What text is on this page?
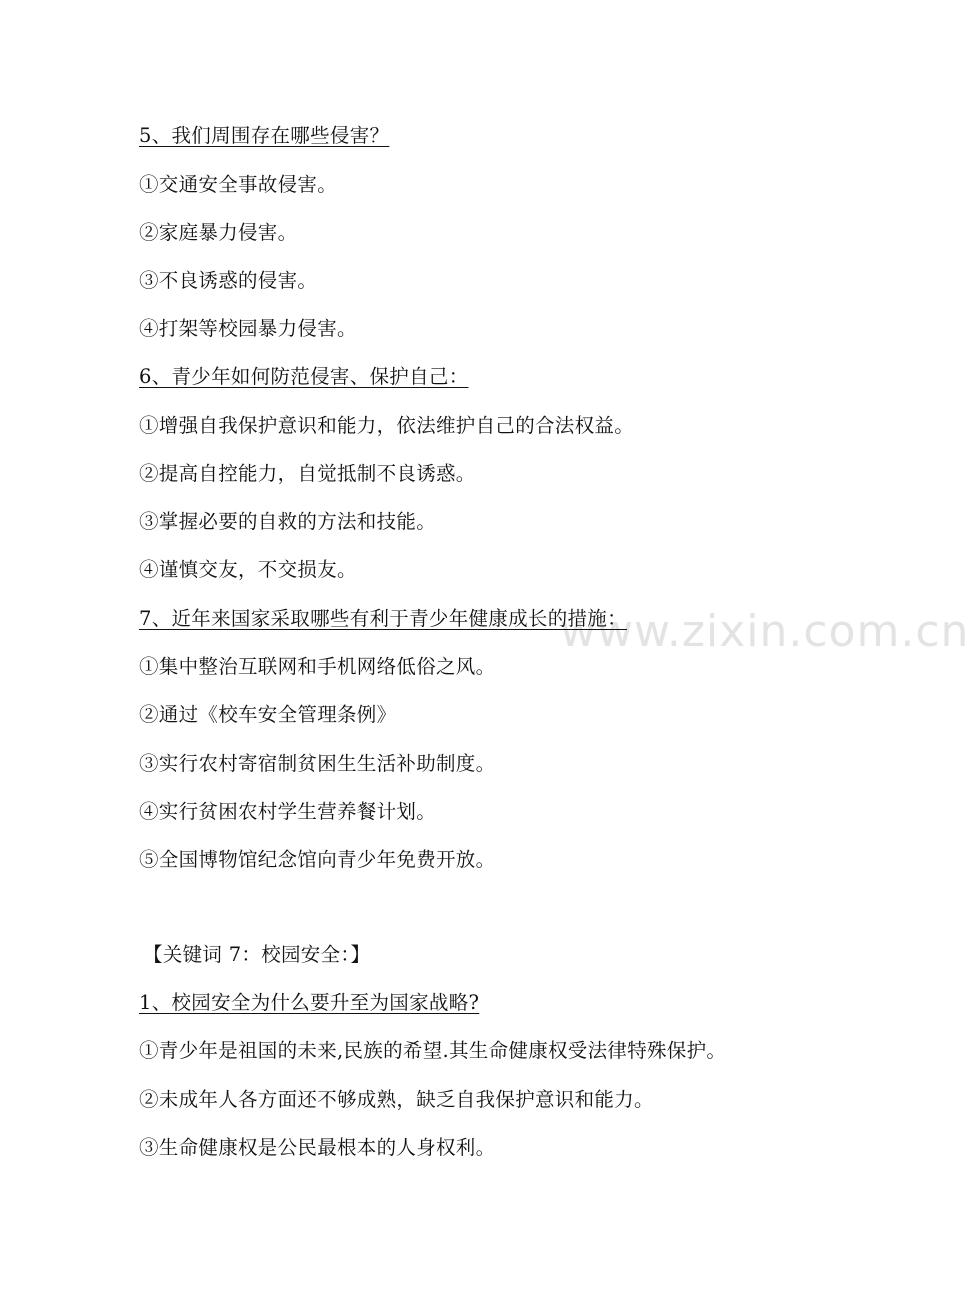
www.zixin.com.cn
5、我们周围存在哪些侵害？
①交通安全事故侵害。
②家庭暴力侵害。
③不良诱惑的侵害。
④打架等校园暴力侵害。
6、青少年如何防范侵害、保护自己：
①增强自我保护意识和能力，依法维护自己的合法权益。
②提高自控能力，自觉抵制不良诱惑。
③掌握必要的自救的方法和技能。
④谨慎交友，不交损友。
7、近年来国家采取哪些有利于青少年健康成长的措施：
①集中整治互联网和手机网络低俗之风。
②通过《校车安全管理条例》
③实行农村寄宿制贫困生生活补助制度。
④实行贫困农村学生营养餐计划。
⑤全国博物馆纪念馆向青少年免费开放。
【关键词 7：校园安全：】
1、校园安全为什么要升至为国家战略?
①青少年是祖国的未来,民族的希望.其生命健康权受法律特殊保护。
②未成年人各方面还不够成熟，缺乏自我保护意识和能力。
③生命健康权是公民最根本的人身权利。
